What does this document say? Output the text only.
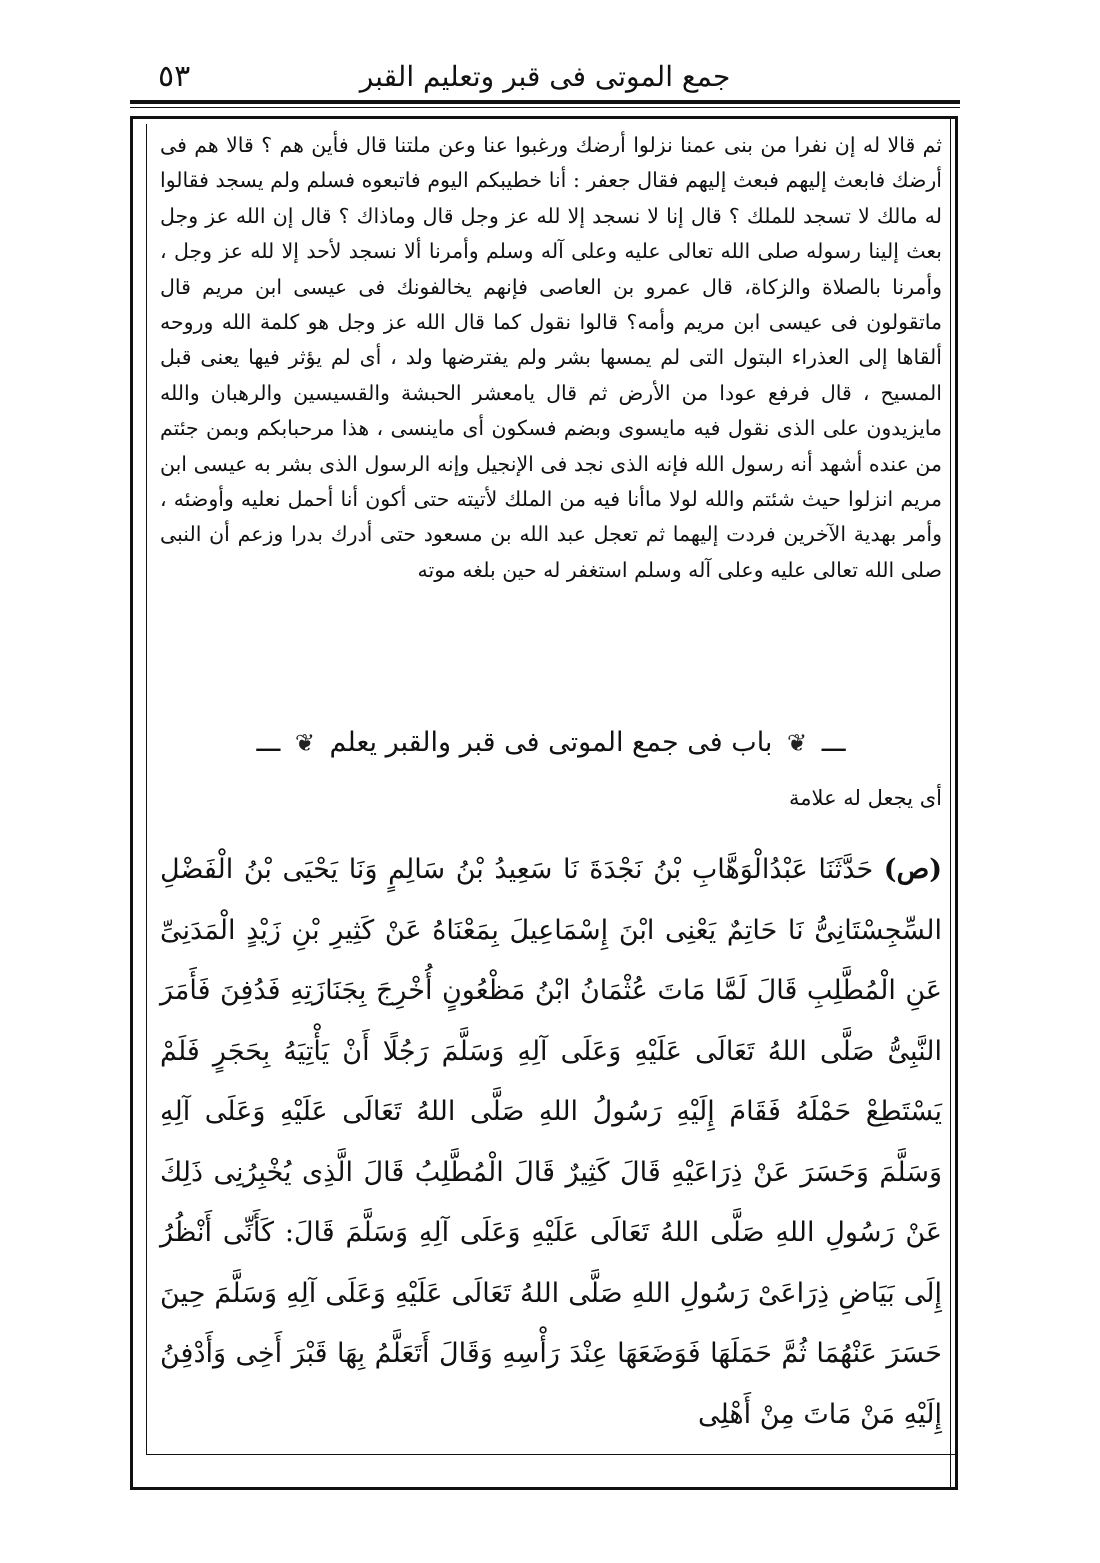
٥٣	جمع الموتى فى قبر وتعليم القبر

ثم قالا له إن نفرا من بنى عمنا نزلوا أرضك ورغبوا عنا وعن ملتنا قال فأين هم ؟ قالا هم فى أرضك فابعث إليهم فبعث إليهم فقال جعفر : أنا خطيبكم اليوم فاتبعوه فسلم ولم يسجد فقالوا له مالك لا تسجد للملك ؟ قال إنا لا نسجد إلا لله عز وجل قال وماذاك ؟ قال إن الله عز وجل بعث إلينا رسوله صلى الله تعالى عليه وعلى آله وسلم وأمرنا ألا نسجد لأحد إلا لله عز وجل ، وأمرنا بالصلاة والزكاة، قال عمرو بن العاصى فإنهم يخالفونك فى عيسى ابن مريم قال ماتقولون فى عيسى ابن مريم وأمه؟ قالوا نقول كما قال الله عز وجل هو كلمة الله وروحه ألقاها إلى العذراء البتول التى لم يمسها بشر ولم يفترضها ولد ، أى لم يؤثر فيها يعنى قبل المسيح ، قال فرفع عودا من الأرض ثم قال يامعشر الحبشة والقسيسين والرهبان والله مايزيدون على الذى نقول فيه مايسوى وبضم فسكون أى ماينسى ، هذا مرحبابكم وبمن جئتم من عنده أشهد أنه رسول الله فإنه الذى نجد فى الإنجيل وإنه الرسول الذى بشر به عيسى ابن مريم انزلوا حيث شئتم والله لولا ماأنا فيه من الملك لأتيته حتى أكون أنا أحمل نعليه وأوضئه ، وأمر بهدية الآخرين فردت إليهما ثم تعجل عبد الله بن مسعود حتى أدرك بدرا وزعم أن النبى صلى الله تعالى عليه وعلى آله وسلم استغفر له حين بلغه موته

ـــ ❦ باب فى جمع الموتى فى قبر والقبر يعلم ❦ ـــ
أى يجعل له علامة

(ص) حَدَّثَنَا عَبْدُالْوَهَّابِ بْنُ نَجْدَةَ نَا سَعِيدُ بْنُ سَالِمٍ وَنَا يَحْيَى بْنُ الْفَضْلِ السِّجِسْتَانِىُّ نَا حَاتِمٌ يَعْنِى ابْنَ إِسْمَاعِيلَ بِمَعْنَاهُ عَنْ كَثِيرِ بْنِ زَيْدٍ الْمَدَنِىِّ عَنِ الْمُطَّلِبِ قَالَ لَمَّا مَاتَ عُثْمَانُ ابْنُ مَظْعُونٍ أُخْرِجَ بِجَنَازَتِهِ فَدُفِنَ فَأَمَرَ النَّبِىُّ صَلَّى اللهُ تَعَالَى عَلَيْهِ وَعَلَى آلِهِ وَسَلَّمَ رَجُلًا أَنْ يَأْتِيَهُ بِحَجَرٍ فَلَمْ يَسْتَطِعْ حَمْلَهُ فَقَامَ إِلَيْهِ رَسُولُ اللهِ صَلَّى اللهُ تَعَالَى عَلَيْهِ وَعَلَى آلِهِ وَسَلَّمَ وَحَسَرَ عَنْ ذِرَاعَيْهِ قَالَ كَثِيرٌ قَالَ الْمُطَّلِبُ قَالَ الَّذِى يُخْبِرُنِى ذَلِكَ عَنْ رَسُولِ اللهِ صَلَّى اللهُ تَعَالَى عَلَيْهِ وَعَلَى آلِهِ وَسَلَّمَ قَالَ: كَأَنِّى أَنْظُرُ إِلَى بَيَاضِ ذِرَاعَىْ رَسُولِ اللهِ صَلَّى اللهُ تَعَالَى عَلَيْهِ وَعَلَى آلِهِ وَسَلَّمَ حِينَ حَسَرَ عَنْهُمَا ثُمَّ حَمَلَهَا فَوَضَعَهَا عِنْدَ رَأْسِهِ وَقَالَ أَتَعَلَّمُ بِهَا قَبْرَ أَخِى وَأَدْفِنُ إِلَيْهِ مَنْ مَاتَ مِنْ أَهْلِى
